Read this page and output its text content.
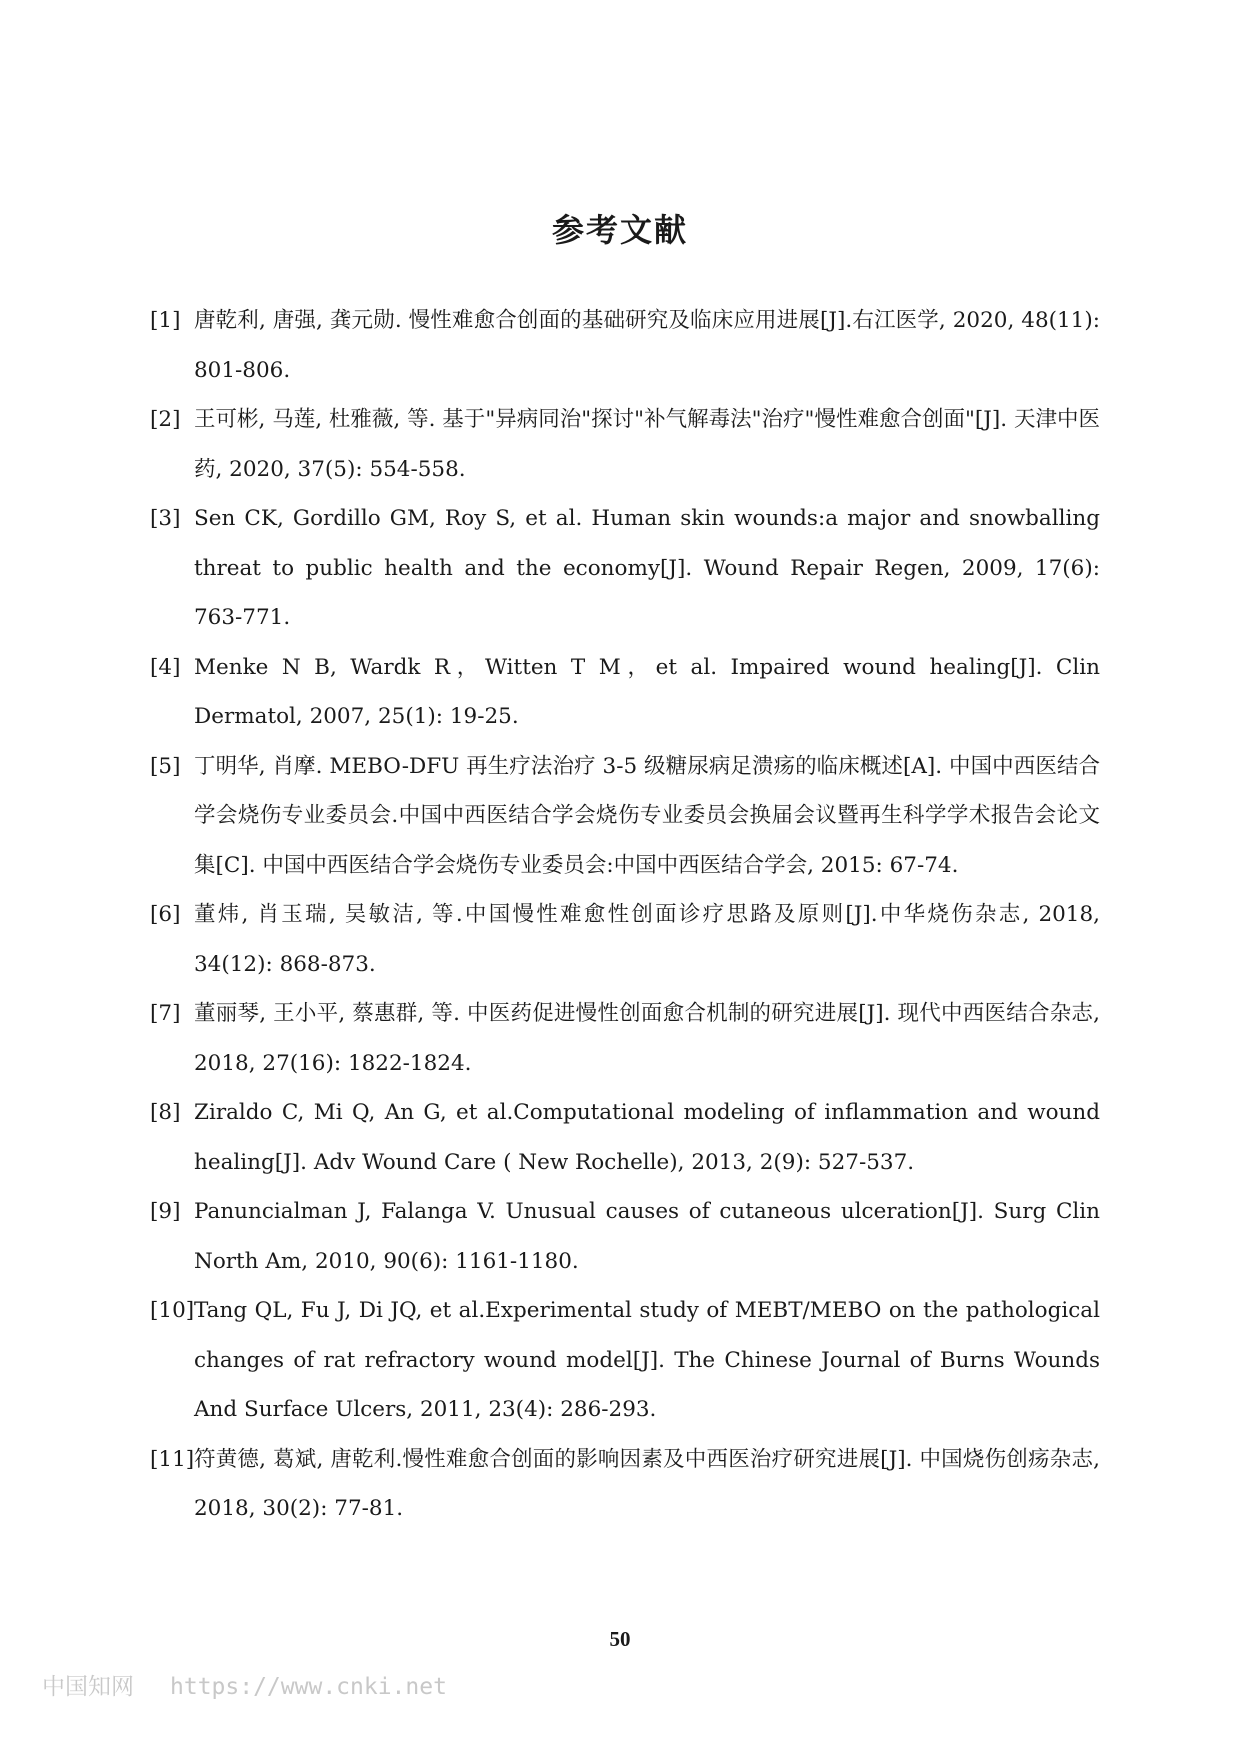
参考文献
[1] 唐乾利, 唐强, 龚元勋. 慢性难愈合创面的基础研究及临床应用进展[J].右江医学, 2020, 48(11): 801-806.
[2] 王可彬, 马莲, 杜雅薇, 等. 基于"异病同治"探讨"补气解毒法"治疗"慢性难愈合创面"[J]. 天津中医药, 2020, 37(5): 554-558.
[3] Sen CK, Gordillo GM, Roy S, et al. Human skin wounds:a major and snowballing threat to public health and the economy[J]. Wound Repair Regen, 2009, 17(6): 763-771.
[4] Menke N B, Wardk R，Witten T M，et al. Impaired wound healing[J]. Clin Dermatol, 2007, 25(1): 19-25.
[5] 丁明华, 肖摩. MEBO-DFU 再生疗法治疗 3-5 级糖尿病足溃疡的临床概述[A]. 中国中西医结合学会烧伤专业委员会.中国中西医结合学会烧伤专业委员会换届会议暨再生科学学术报告会论文集[C]. 中国中西医结合学会烧伤专业委员会:中国中西医结合学会, 2015: 67-74.
[6] 董炜, 肖玉瑞, 吴敏洁, 等.中国慢性难愈性创面诊疗思路及原则[J].中华烧伤杂志, 2018, 34(12): 868-873.
[7] 董丽琴, 王小平, 蔡惠群, 等. 中医药促进慢性创面愈合机制的研究进展[J]. 现代中西医结合杂志, 2018, 27(16): 1822-1824.
[8] Ziraldo C, Mi Q, An G, et al.Computational modeling of inflammation and wound healing[J]. Adv Wound Care ( New Rochelle), 2013, 2(9): 527-537.
[9] Panuncialman J, Falanga V. Unusual causes of cutaneous ulceration[J]. Surg Clin North Am, 2010, 90(6): 1161-1180.
[10] Tang QL, Fu J, Di JQ, et al.Experimental study of MEBT/MEBO on the pathological changes of rat refractory wound model[J]. The Chinese Journal of Burns Wounds And Surface Ulcers, 2011, 23(4): 286-293.
[11] 符黄德, 葛斌, 唐乾利.慢性难愈合创面的影响因素及中西医治疗研究进展[J]. 中国烧伤创疡杂志, 2018, 30(2): 77-81.
50
中国知网 https://www.cnki.net
